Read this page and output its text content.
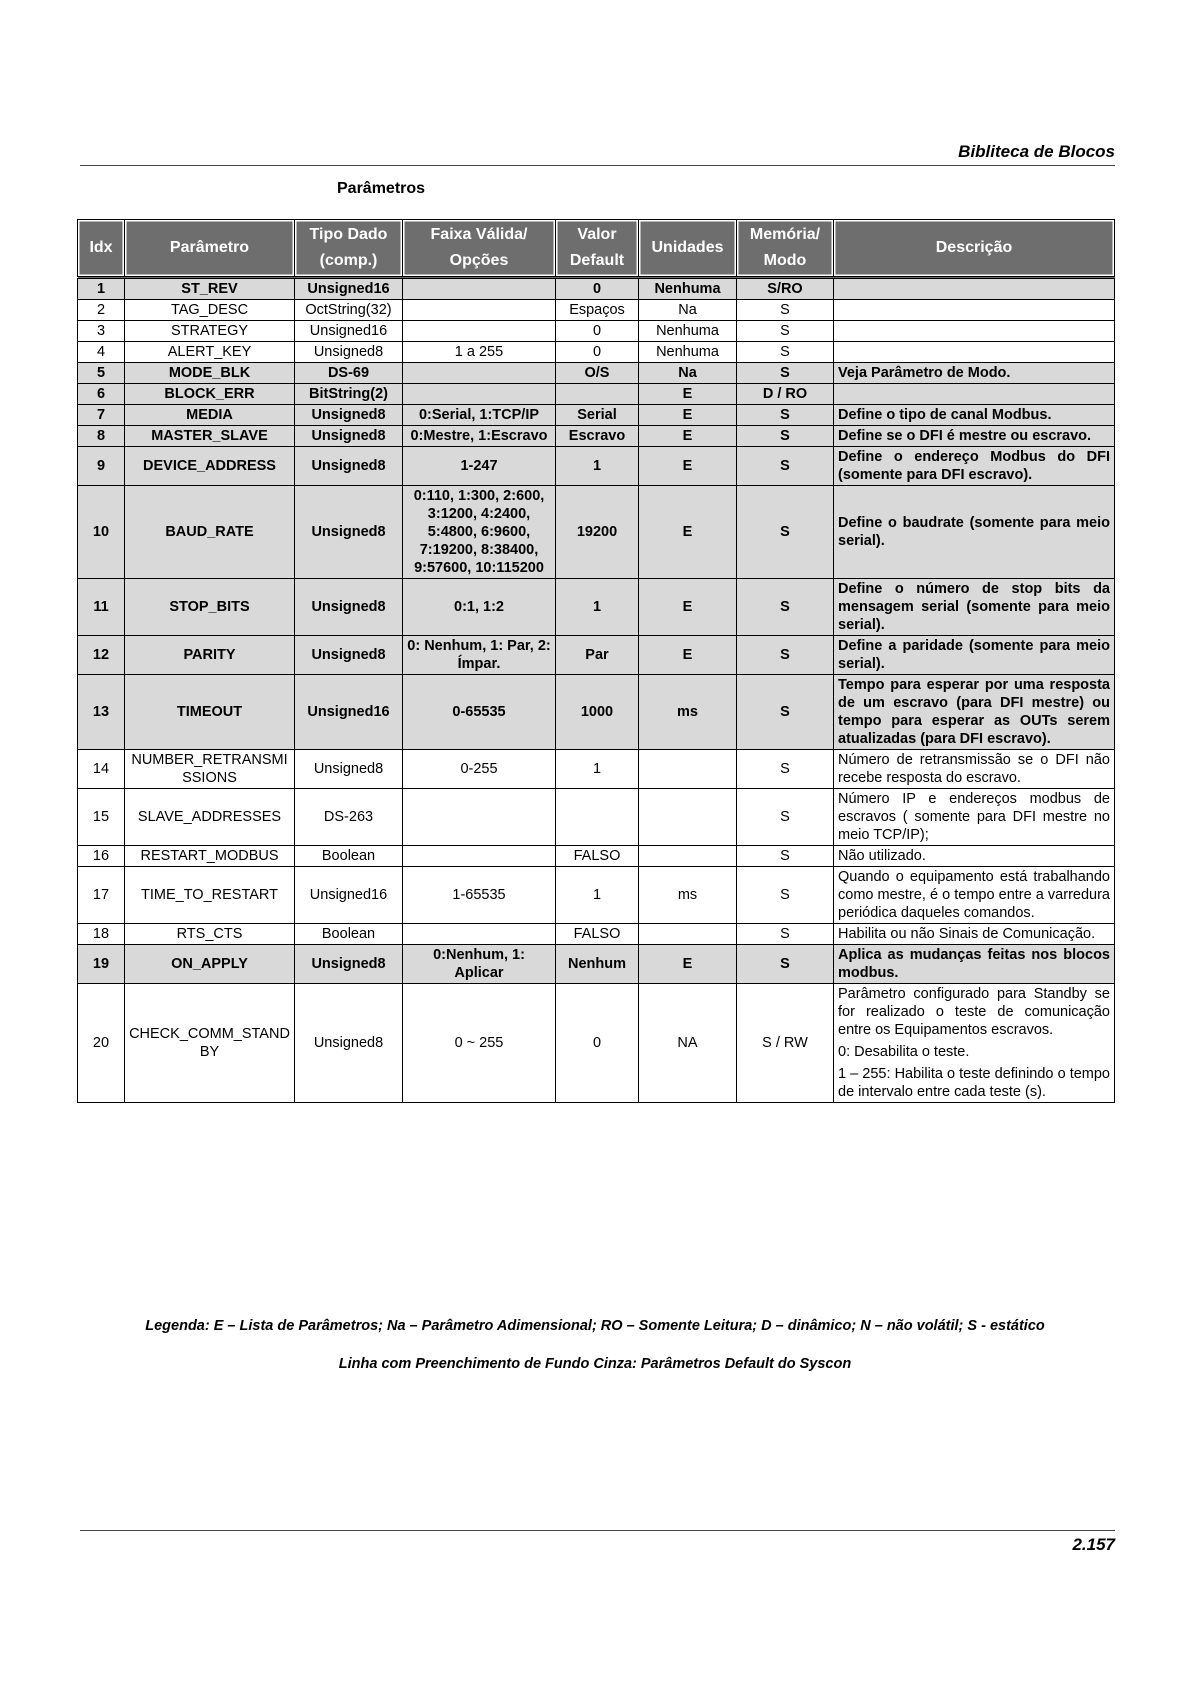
Bibliteca de Blocos
Parâmetros
Idx	Parâmetro	Tipo Dado (comp.)	Faixa Válida/ Opções	Valor Default	Unidades	Memória/ Modo	Descrição
1	ST_REV	Unsigned16		0	Nenhuma	S/RO	
2	TAG_DESC	OctString(32)		Espaços	Na	S	
3	STRATEGY	Unsigned16		0	Nenhuma	S	
4	ALERT_KEY	Unsigned8	1 a 255	0	Nenhuma	S	
5	MODE_BLK	DS-69		O/S	Na	S	Veja Parâmetro de Modo.

6	BLOCK_ERR	BitString(2)			E	D / RO	
7	MEDIA	Unsigned8	0:Serial, 1:TCP/IP	Serial	E	S	Define o tipo de canal Modbus.

8	MASTER_SLAVE	Unsigned8	0:Mestre, 1:Escravo	Escravo	E	S	Define se o DFI é mestre ou escravo.

9	DEVICE_ADDRESS	Unsigned8	1-247	1	E	S	Define o endereço Modbus do DFI (somente para DFI escravo).

10	BAUD_RATE	Unsigned8	0:110, 1:300, 2:600, 3:1200, 4:2400, 5:4800, 6:9600, 7:19200, 8:38400, 9:57600, 10:115200	19200	E	S	Define o baudrate (somente para meio serial).

11	STOP_BITS	Unsigned8	0:1, 1:2	1	E	S	Define o número de stop bits da mensagem serial (somente para meio serial).

12	PARITY	Unsigned8	0: Nenhum, 1: Par, 2: Ímpar.	Par	E	S	Define a paridade (somente para meio serial).

13	TIMEOUT	Unsigned16	0-65535	1000	ms	S	Tempo para esperar por uma resposta de um escravo (para DFI mestre) ou tempo para esperar as OUTs serem atualizadas (para DFI escravo).

14	NUMBER_RETRANSMISSIONS	Unsigned8	0-255	1		S	Número de retransmissão se o DFI não recebe resposta do escravo.

15	SLAVE_ADDRESSES	DS-263				S	Número IP e endereços modbus de escravos ( somente para DFI mestre no meio TCP/IP);

16	RESTART_MODBUS	Boolean		FALSO		S	Não utilizado.

17	TIME_TO_RESTART	Unsigned16	1-65535	1	ms	S	Quando o equipamento está trabalhando como mestre, é o tempo entre a varredura periódica daqueles comandos.

18	RTS_CTS	Boolean		FALSO		S	Habilita ou não Sinais de Comunicação.

19	ON_APPLY	Unsigned8	0:Nenhum, 1: Aplicar	Nenhum	E	S	Aplica as mudanças feitas nos blocos modbus.

20	CHECK_COMM_STANDBY	Unsigned8	0 ~ 255	0	NA	S / RW	Parâmetro configurado para Standby se for realizado o teste de comunicação entre os Equipamentos escravos.
0: Desabilita o teste.
1 – 255: Habilita o teste definindo o tempo de intervalo entre cada teste (s).
Legenda: E – Lista de Parâmetros; Na – Parâmetro Adimensional; RO – Somente Leitura; D – dinâmico; N – não volátil; S - estático
Linha com Preenchimento de Fundo Cinza: Parâmetros Default do Syscon
2.157
